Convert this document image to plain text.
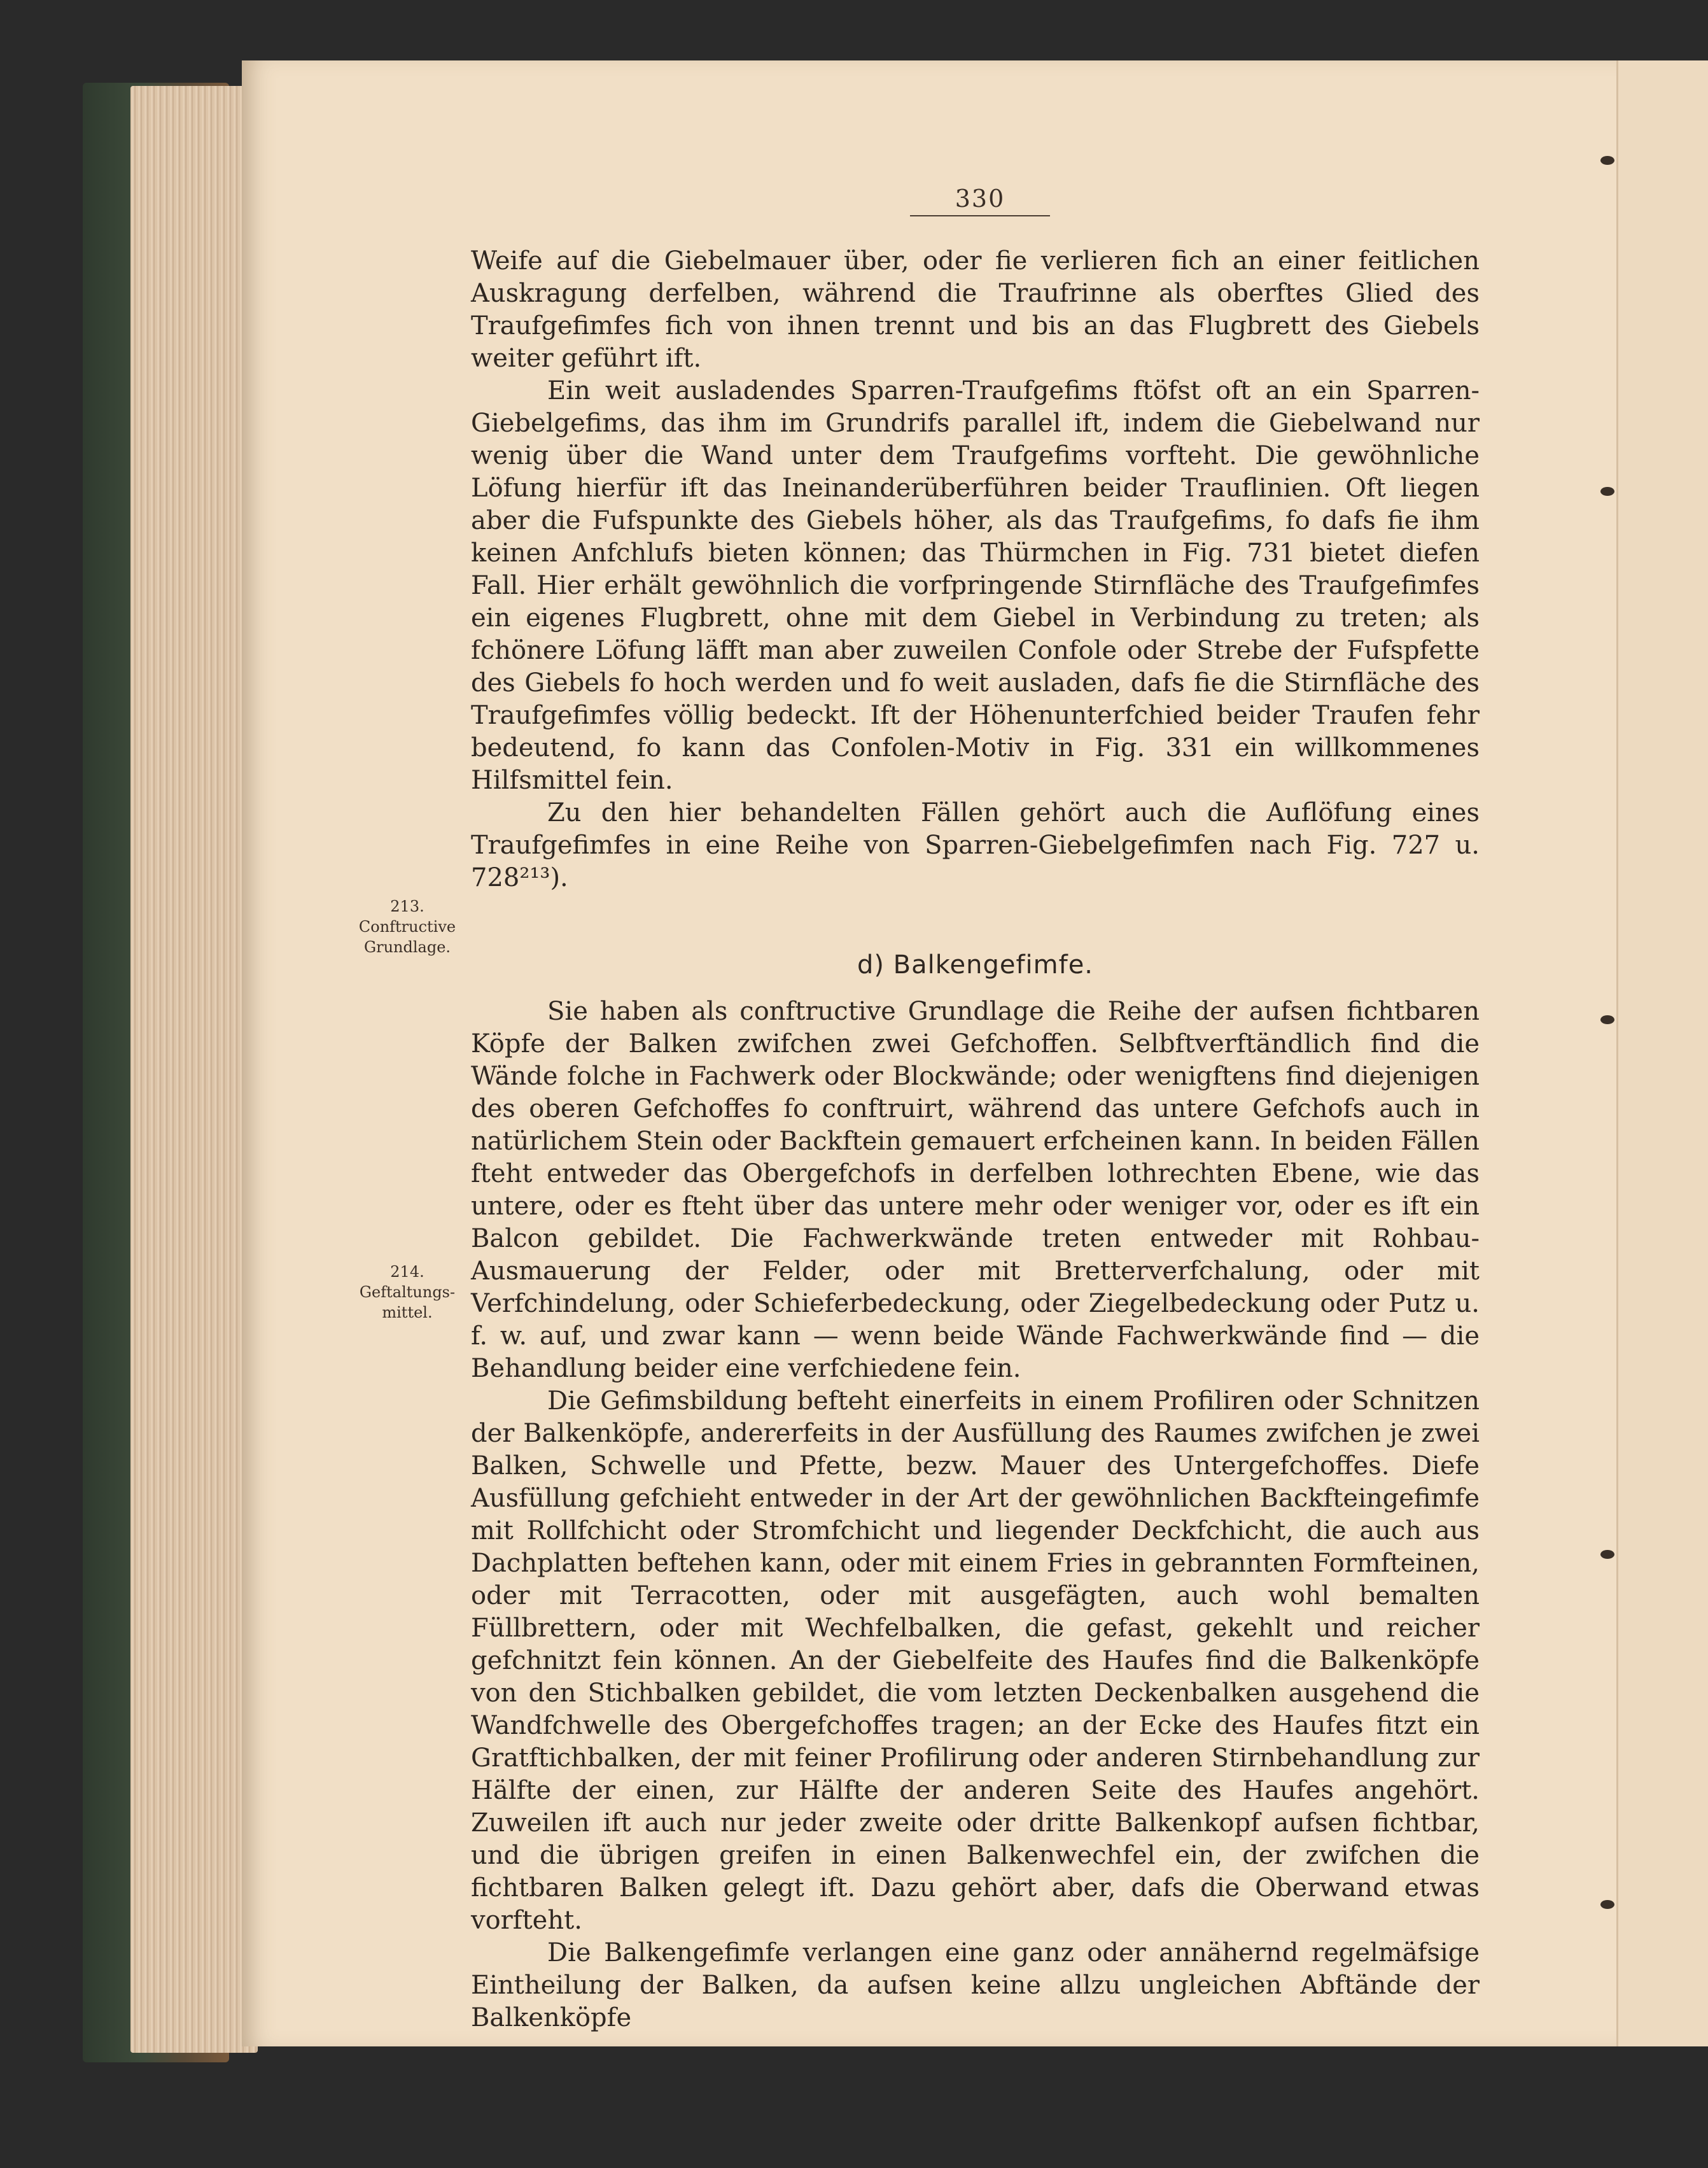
330
213.
Conftructive
Grundlage.
214.
Geftaltungs-
mittel.

Weife auf die Giebelmauer über, oder fie verlieren fich an einer feitlichen Auskragung derfelben, während die Traufrinne als oberftes Glied des Traufgefimfes fich von ihnen trennt und bis an das Flugbrett des Giebels weiter geführt ift.

Ein weit ausladendes Sparren-Traufgefims ftöfst oft an ein Sparren-Giebelgefims, das ihm im Grundrifs parallel ift, indem die Giebelwand nur wenig über die Wand unter dem Traufgefims vorfteht. Die gewöhnliche Löfung hierfür ift das Ineinanderüberführen beider Trauflinien. Oft liegen aber die Fufspunkte des Giebels höher, als das Traufgefims, fo dafs fie ihm keinen Anfchlufs bieten können; das Thürmchen in Fig. 731 bietet diefen Fall. Hier erhält gewöhnlich die vorfpringende Stirnfläche des Traufgefimfes ein eigenes Flugbrett, ohne mit dem Giebel in Verbindung zu treten; als fchönere Löfung läfft man aber zuweilen Confole oder Strebe der Fufspfette des Giebels fo hoch werden und fo weit ausladen, dafs fie die Stirnfläche des Traufgefimfes völlig bedeckt. Ift der Höhenunterfchied beider Traufen fehr bedeutend, fo kann das Confolen-Motiv in Fig. 331 ein willkommenes Hilfsmittel fein.

Zu den hier behandelten Fällen gehört auch die Auflöfung eines Traufgefimfes in eine Reihe von Sparren-Giebelgefimfen nach Fig. 727 u. 728²¹³).

d) Balkengefimfe.

Sie haben als conftructive Grundlage die Reihe der aufsen fichtbaren Köpfe der Balken zwifchen zwei Gefchoffen. Selbftverftändlich find die Wände folche in Fachwerk oder Blockwände; oder wenigftens find diejenigen des oberen Gefchoffes fo conftruirt, während das untere Gefchofs auch in natürlichem Stein oder Backftein gemauert erfcheinen kann. In beiden Fällen fteht entweder das Obergefchofs in derfelben lothrechten Ebene, wie das untere, oder es fteht über das untere mehr oder weniger vor, oder es ift ein Balcon gebildet. Die Fachwerkwände treten entweder mit Rohbau-Ausmauerung der Felder, oder mit Bretterverfchalung, oder mit Verfchindelung, oder Schieferbedeckung, oder Ziegelbedeckung oder Putz u. f. w. auf, und zwar kann — wenn beide Wände Fachwerkwände find — die Behandlung beider eine verfchiedene fein.

Die Gefimsbildung befteht einerfeits in einem Profiliren oder Schnitzen der Balkenköpfe, andererfeits in der Ausfüllung des Raumes zwifchen je zwei Balken, Schwelle und Pfette, bezw. Mauer des Untergefchoffes. Diefe Ausfüllung gefchieht entweder in der Art der gewöhnlichen Backfteingefimfe mit Rollfchicht oder Stromfchicht und liegender Deckfchicht, die auch aus Dachplatten beftehen kann, oder mit einem Fries in gebrannten Formfteinen, oder mit Terracotten, oder mit ausgefägten, auch wohl bemalten Füllbrettern, oder mit Wechfelbalken, die gefast, gekehlt und reicher gefchnitzt fein können. An der Giebelfeite des Haufes find die Balkenköpfe von den Stichbalken gebildet, die vom letzten Deckenbalken ausgehend die Wandfchwelle des Obergefchoffes tragen; an der Ecke des Haufes fitzt ein Gratftichbalken, der mit feiner Profilirung oder anderen Stirnbehandlung zur Hälfte der einen, zur Hälfte der anderen Seite des Haufes angehört. Zuweilen ift auch nur jeder zweite oder dritte Balkenkopf aufsen fichtbar, und die übrigen greifen in einen Balkenwechfel ein, der zwifchen die fichtbaren Balken gelegt ift. Dazu gehört aber, dafs die Oberwand etwas vorfteht.

Die Balkengefimfe verlangen eine ganz oder annähernd regelmäfsige Eintheilung der Balken, da aufsen keine allzu ungleichen Abftände der Balkenköpfe
